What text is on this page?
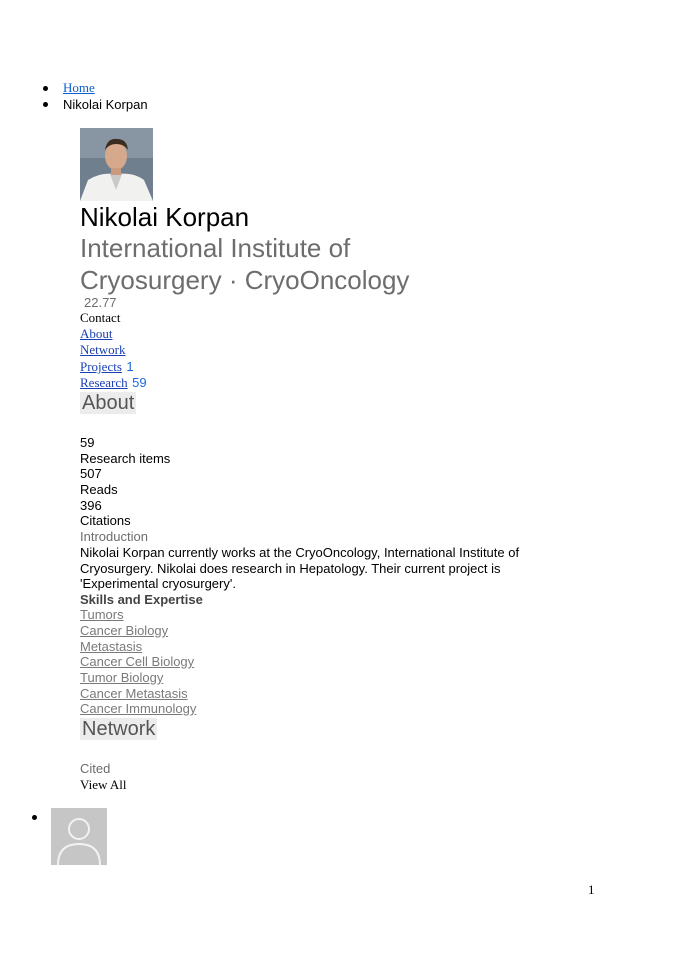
Home
Nikolai Korpan
Nikolai Korpan
International Institute of
Cryosurgery · CryoOncology
22.77
Contact
About
Network
Projects 1
Research 59
About
59
Research items
507
Reads
396
Citations
Introduction
Nikolai Korpan currently works at the CryoOncology, International Institute of
Cryosurgery. Nikolai does research in Hepatology. Their current project is
'Experimental cryosurgery'.
Skills and Expertise
Tumors
Cancer Biology
Metastasis
Cancer Cell Biology
Tumor Biology
Cancer Metastasis
Cancer Immunology
Network
Cited
View All
1
